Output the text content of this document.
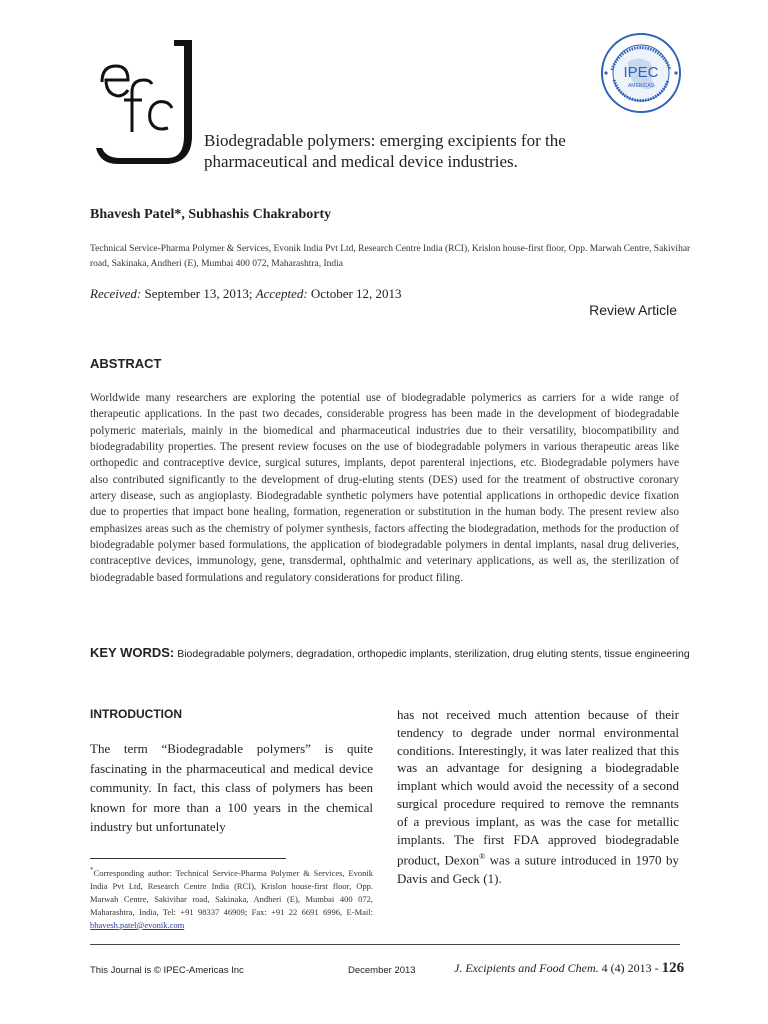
IPEC
AMERICAS
Biodegradable polymers: emerging excipients for the
pharmaceutical and medical device industries.
Bhavesh Patel*, Subhashis Chakraborty
Technical Service-Pharma Polymer & Services, Evonik India Pvt Ltd, Research Centre India (RCI), Krislon house-first floor, Opp. Marwah Centre, Sakivihar road, Sakinaka, Andheri (E), Mumbai 400 072, Maharashtra, India
Received: September 13, 2013; Accepted: October 12, 2013
Review Article
ABSTRACT
Worldwide many researchers are exploring the potential use of biodegradable polymerics as carriers for a wide range of therapeutic applications. In the past two decades, considerable progress has been made in the development of biodegradable polymeric materials, mainly in the biomedical and pharmaceutical industries due to their versatility, biocompatibility and biodegradability properties. The present review focuses on the use of biodegradable polymers in various therapeutic areas like orthopedic and contraceptive device, surgical sutures, implants, depot parenteral injections, etc. Biodegradable polymers have also contributed significantly to the development of drug-eluting stents (DES) used for the treatment of obstructive coronary artery disease, such as angioplasty. Biodegradable synthetic polymers have potential applications in orthopedic device fixation due to properties that impact bone healing, formation, regeneration or substitution in the human body. The present review also emphasizes areas such as the chemistry of polymer synthesis, factors affecting the biodegradation, methods for the production of biodegradable polymer based formulations, the application of biodegradable polymers in dental implants, nasal drug deliveries, contraceptive devices, immunology, gene, transdermal, ophthalmic and veterinary applications, as well as, the sterilization of biodegradable based formulations and regulatory considerations for product filing.
KEY WORDS: Biodegradable polymers, degradation, orthopedic implants, sterilization, drug eluting stents, tissue engineering
INTRODUCTION
The term “Biodegradable polymers” is quite fascinating in the pharmaceutical and medical device community. In fact, this class of polymers has been known for more than a 100 years in the chemical industry but unfortunately
has not received much attention because of their tendency to degrade under normal environmental conditions. Interestingly, it was later realized that this was an advantage for designing a biodegradable implant which would avoid the necessity of a second surgical procedure required to remove the remnants of a previous implant, as was the case for metallic implants. The first FDA approved biodegradable product, Dexon® was a suture introduced in 1970 by Davis and Geck (1).
*Corresponding author: Technical Service-Pharma Polymer & Services, Evonik India Pvt Ltd, Research Centre India (RCI), Krislon house-first floor, Opp. Marwah Centre, Sakivihar road, Sakinaka, Andheri (E), Mumbai 400 072, Maharashtra, India, Tel: +91 98337 46909; Fax: +91 22 6691 6996, E-Mail: bhavesh.patel@evonik.com
This Journal is © IPEC-Americas Inc	December 2013	J. Excipients and Food Chem. 4 (4) 2013 - 126
